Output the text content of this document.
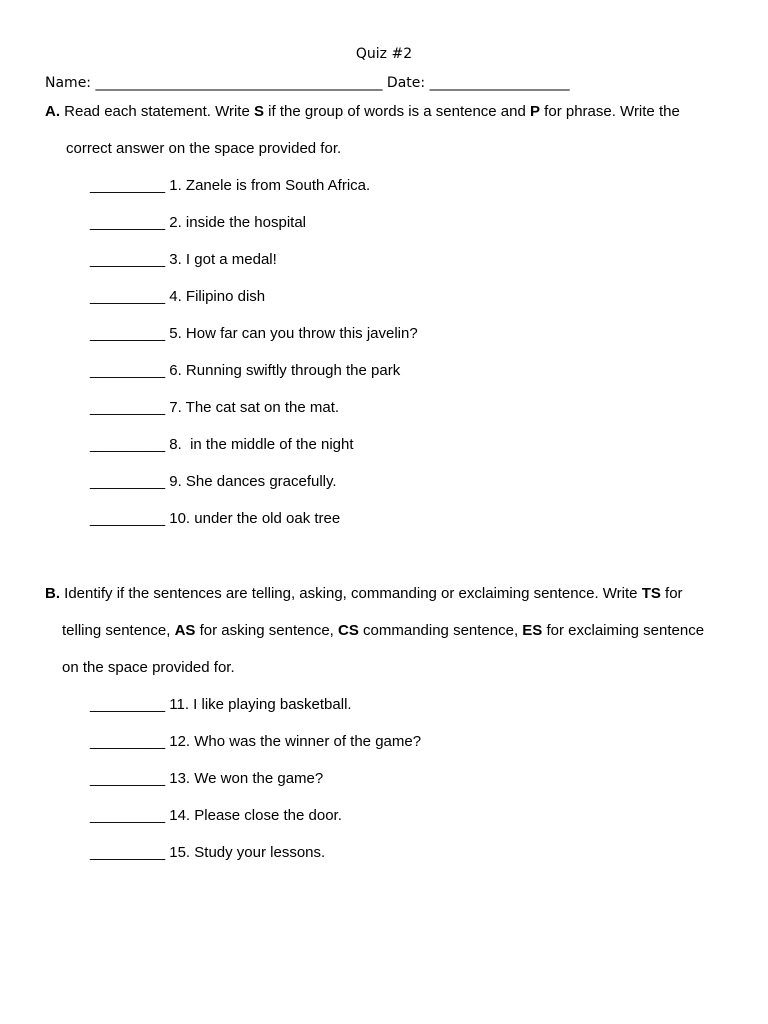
Quiz #2
Name: _________________________________________ Date: ____________________
A. Read each statement. Write S if the group of words is a sentence and P for phrase. Write the
correct answer on the space provided for.
_________ 1. Zanele is from South Africa.
_________ 2. inside the hospital
_________ 3. I got a medal!
_________ 4. Filipino dish
_________ 5. How far can you throw this javelin?
_________ 6. Running swiftly through the park
_________ 7. The cat sat on the mat.
_________ 8.  in the middle of the night
_________ 9. She dances gracefully.
_________ 10. under the old oak tree
B. Identify if the sentences are telling, asking, commanding or exclaiming sentence. Write TS for
telling sentence, AS for asking sentence, CS commanding sentence, ES for exclaiming sentence
on the space provided for.
_________ 11. I like playing basketball.
_________ 12. Who was the winner of the game?
_________ 13. We won the game?
_________ 14. Please close the door.
_________ 15. Study your lessons.
